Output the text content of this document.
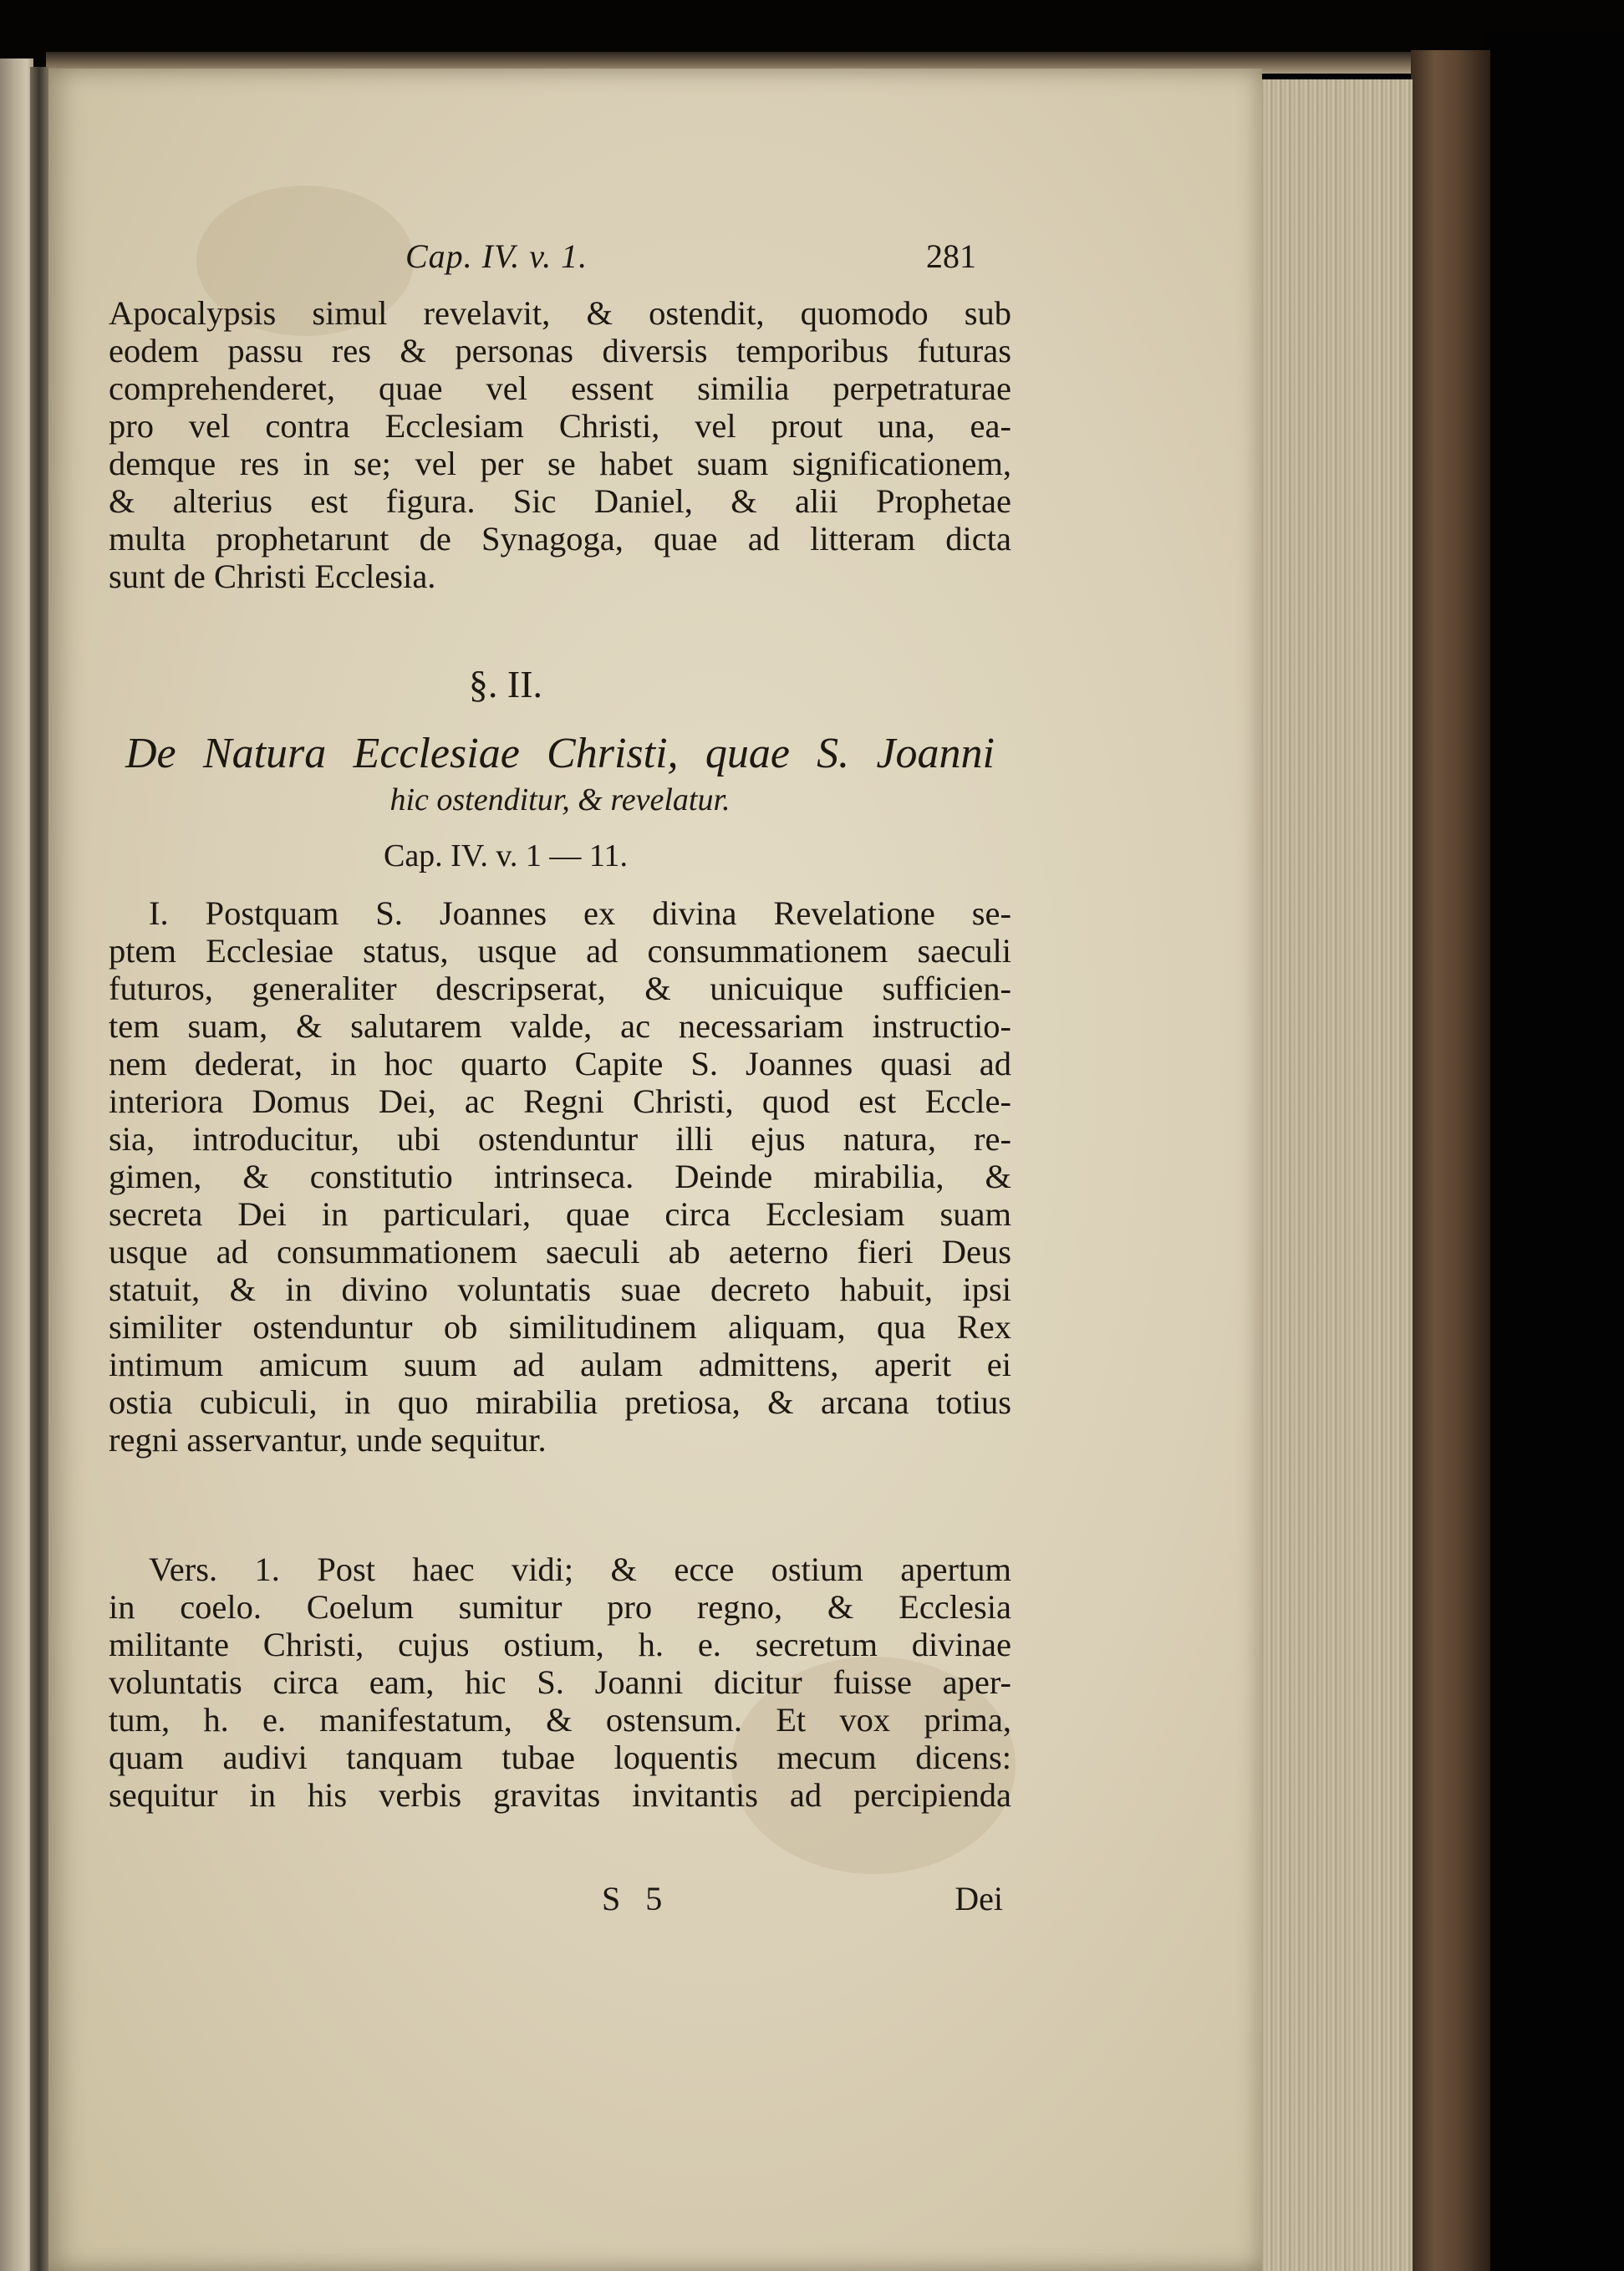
Cap. IV. v. 1.	281
Apocalypsis simul revelavit, & ostendit, quomodo sub
eodem passu res & personas diversis temporibus futuras
comprehenderet, quae vel essent similia perpetraturae
pro vel contra Ecclesiam Christi, vel prout una, ea-
demque res in se; vel per se habet suam significationem,
& alterius est figura. Sic Daniel, & alii Prophetae
multa prophetarunt de Synagoga, quae ad litteram dicta
sunt de Christi Ecclesia.
§. II.
De Natura Ecclesiae Christi, quae S. Joanni
hic ostenditur, & revelatur.
Cap. IV. v. 1 — 11.
I. Postquam S. Joannes ex divina Revelatione se-
ptem Ecclesiae status, usque ad consummationem saeculi
futuros, generaliter descripserat, & unicuique sufficien-
tem suam, & salutarem valde, ac necessariam instructio-
nem dederat, in hoc quarto Capite S. Joannes quasi ad
interiora Domus Dei, ac Regni Christi, quod est Eccle-
sia, introducitur, ubi ostenduntur illi ejus natura, re-
gimen, & constitutio intrinseca. Deinde mirabilia, &
secreta Dei in particulari, quae circa Ecclesiam suam
usque ad consummationem saeculi ab aeterno fieri Deus
statuit, & in divino voluntatis suae decreto habuit, ipsi
similiter ostenduntur ob similitudinem aliquam, qua Rex
intimum amicum suum ad aulam admittens, aperit ei
ostia cubiculi, in quo mirabilia pretiosa, & arcana totius
regni asservantur, unde sequitur.
Vers. 1. Post haec vidi; & ecce ostium apertum
in coelo. Coelum sumitur pro regno, & Ecclesia
militante Christi, cujus ostium, h. e. secretum divinae
voluntatis circa eam, hic S. Joanni dicitur fuisse aper-
tum, h. e. manifestatum, & ostensum. Et vox prima,
quam audivi tanquam tubae loquentis mecum dicens:
sequitur in his verbis gravitas invitantis ad percipienda
S 5	Dei
